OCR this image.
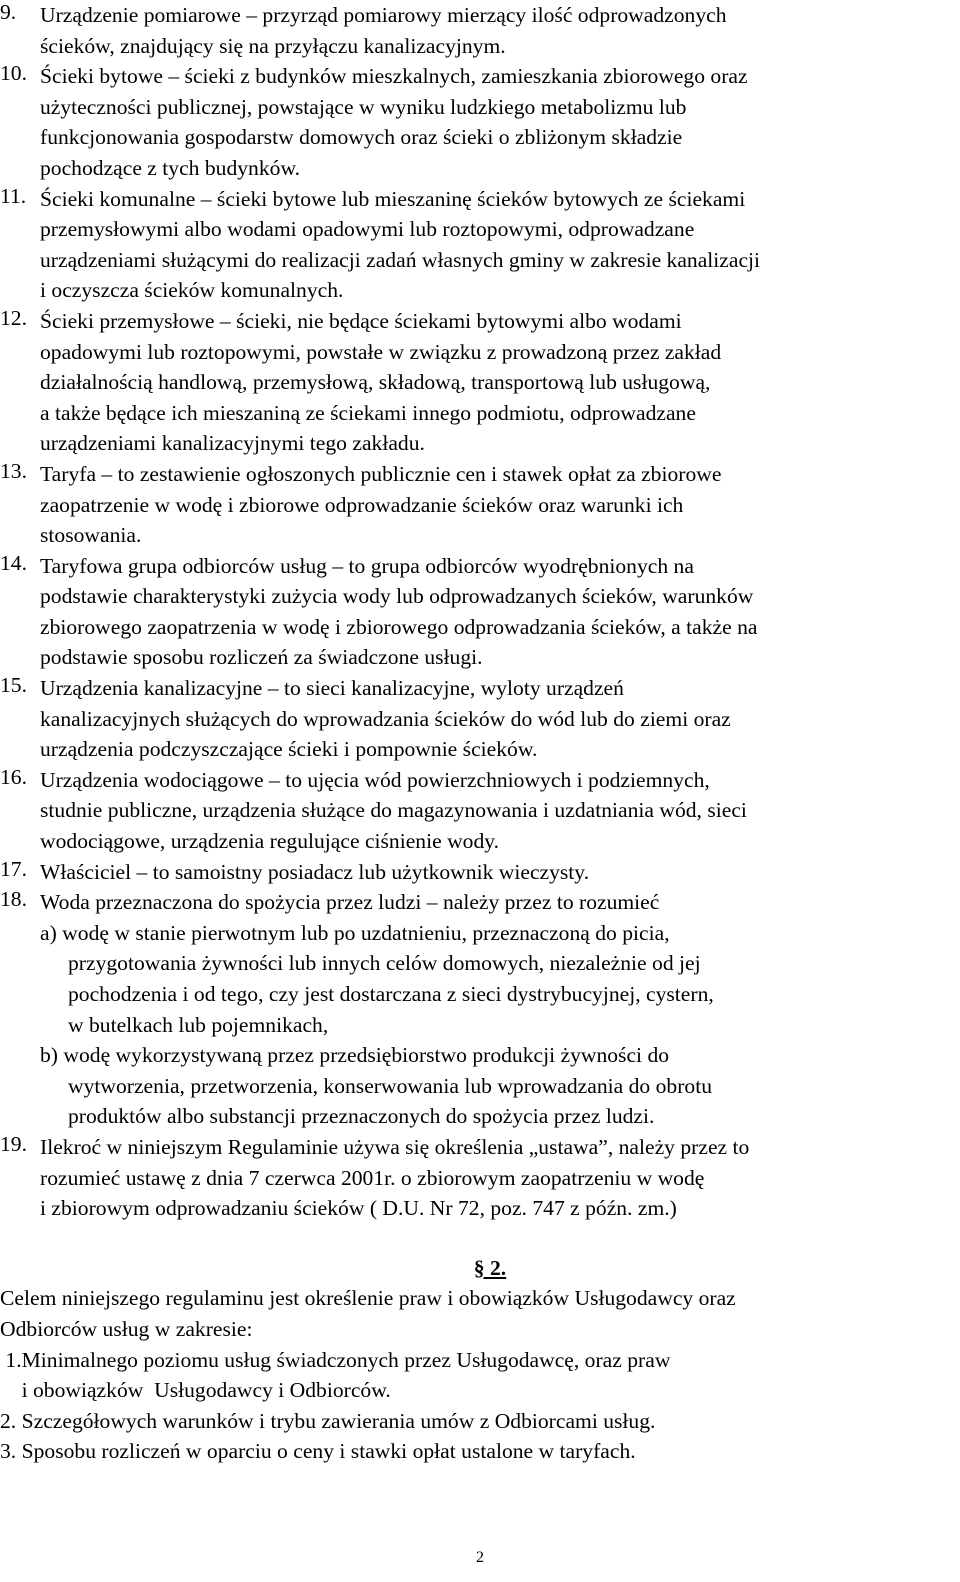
9. Urządzenie pomiarowe – przyrząd pomiarowy mierzący ilość odprowadzonych
ścieków, znajdujący się na przyłączu kanalizacyjnym.
10. Ścieki bytowe – ścieki z budynków mieszkalnych, zamieszkania zbiorowego oraz
użyteczności publicznej, powstające w wyniku ludzkiego metabolizmu lub
funkcjonowania gospodarstw domowych oraz ścieki o zbliżonym składzie
pochodzące z tych budynków.
11. Ścieki komunalne – ścieki bytowe lub mieszaninę ścieków bytowych ze ściekami
przemysłowymi albo wodami opadowymi lub roztopowymi, odprowadzane
urządzeniami służącymi do realizacji zadań własnych gminy w zakresie kanalizacji
i oczyszcza ścieków komunalnych.
12. Ścieki przemysłowe – ścieki, nie będące ściekami bytowymi albo wodami
opadowymi lub roztopowymi, powstałe w związku z prowadzoną przez zakład
działalnością handlową, przemysłową, składową, transportową lub usługową,
a także będące ich mieszaniną ze ściekami innego podmiotu, odprowadzane
urządzeniami kanalizacyjnymi tego zakładu.
13. Taryfa – to zestawienie ogłoszonych publicznie cen i stawek opłat za zbiorowe
zaopatrzenie w wodę i zbiorowe odprowadzanie ścieków oraz warunki ich
stosowania.
14. Taryfowa grupa odbiorców usług – to grupa odbiorców wyodrębnionych na
podstawie charakterystyki zużycia wody lub odprowadzanych ścieków, warunków
zbiorowego zaopatrzenia w wodę i zbiorowego odprowadzania ścieków, a także na
podstawie sposobu rozliczeń za świadczone usługi.
15. Urządzenia kanalizacyjne – to sieci kanalizacyjne, wyloty urządzeń
kanalizacyjnych służących do wprowadzania ścieków do wód lub do ziemi oraz
urządzenia podczyszczające ścieki i pompownie ścieków.
16. Urządzenia wodociągowe – to ujęcia wód powierzchniowych i podziemnych,
studnie publiczne, urządzenia służące do magazynowania i uzdatniania wód, sieci
wodociągowe, urządzenia regulujące ciśnienie wody.
17. Właściciel – to samoistny posiadacz lub użytkownik wieczysty.
18. Woda przeznaczona do spożycia przez ludzi – należy przez to rozumieć
a) wodę w stanie pierwotnym lub po uzdatnieniu, przeznaczoną do picia,
przygotowania żywności lub innych celów domowych, niezależnie od jej
pochodzenia i od tego, czy jest dostarczana z sieci dystrybucyjnej, cystern,
w butelkach lub pojemnikach,
b) wodę wykorzystywaną przez przedsiębiorstwo produkcji żywności do
wytworzenia, przetworzenia, konserwowania lub wprowadzania do obrotu
produktów albo substancji przeznaczonych do spożycia przez ludzi.
19. Ilekroć w niniejszym Regulaminie używa się określenia „ustawa”, należy przez to
rozumieć ustawę z dnia 7 czerwca 2001r. o zbiorowym zaopatrzeniu w wodę
i zbiorowym odprowadzaniu ścieków ( D.U. Nr 72, poz. 747 z późn. zm.)
§ 2.
Celem niniejszego regulaminu jest określenie praw i obowiązków Usługodawcy oraz
Odbiorców usług w zakresie:
1.Minimalnego poziomu usług świadczonych przez Usługodawcę, oraz praw
i obowiązków  Usługodawcy i Odbiorców.
2. Szczegółowych warunków i trybu zawierania umów z Odbiorcami usług.
3. Sposobu rozliczeń w oparciu o ceny i stawki opłat ustalone w taryfach.
2
